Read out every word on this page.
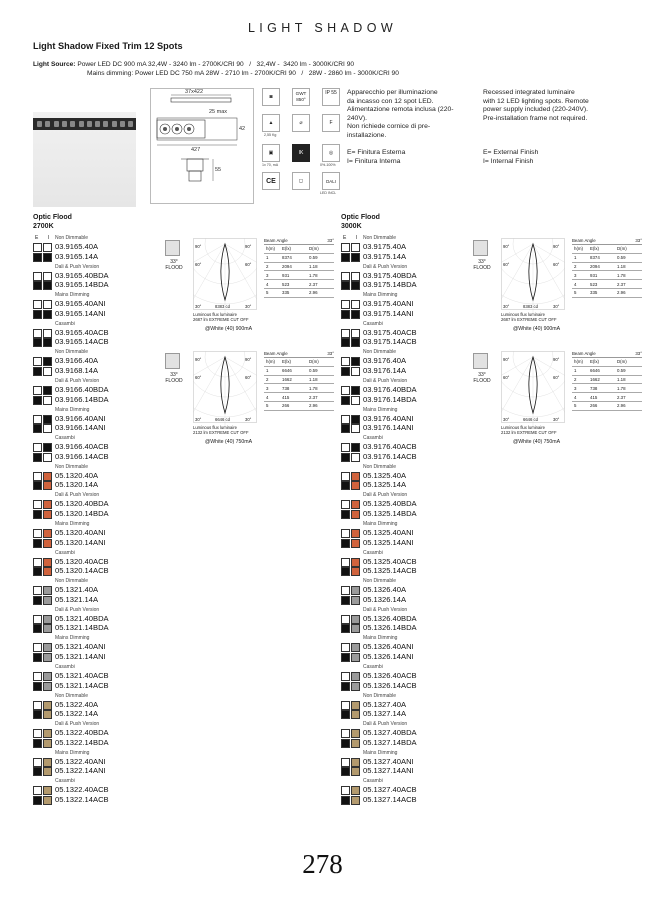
LIGHT SHADOW
Light Shadow Fixed Trim 12 Spots
Light Source: Power LED DC 900 mA 32,4W - 3240 lm - 2700K/CRI 90   /   32,4W -  3420 lm - 3000K/CRI 90
Mains dimming: Power LED DC 750 mA 28W - 2710 lm - 2700K/CRI 90   /   28W - 2860 lm - 3000K/CRI 90
37x422
25 max
42
427
55
◙
GWT 850°
IP 55
▲
2,55 Kg
⌀	F
▣
1x 70, mA
IK	◎
0%-100%
CE	◻	DALI
LED INCL
Apparecchio per illuminazione
da incasso con 12 spot LED.
Alimentazione remota inclusa (220-
240V).
Non richiede cornice di pre-
installazione.
E= Finitura Esterna
I= Finitura Interna
Recessed integrated luminaire
with 12 LED lighting spots. Remote
power supply included (220-240V).
Pre-installation frame not required.
E= External Finish
I= Internal Finish
Optic Flood
2700K
E I Non Dimmable
03.9165.40A
03.9165.14A
Dali & Push Version
03.9165.40BDA
03.9165.14BDA
Mains Dimming
03.9165.40ANI
03.9165.14ANI
Casambi
03.9165.40ACB
03.9165.14ACB
Non Dimmable
03.9166.40A
03.9168.14A
Dali & Push Version
03.9166.40BDA
03.9166.14BDA
Mains Dimming
03.9166.40ANI
03.9166.14ANI
Casambi
03.9166.40ACB
03.9166.14ACB
Non Dimmable
05.1320.40A
05.1320.14A
Dali & Push Version
05.1320.40BDA
05.1320.14BDA
Mains Dimming
05.1320.40ANI
05.1320.14ANI
Casambi
05.1320.40ACB
05.1320.14ACB
Non Dimmable
05.1321.40A
05.1321.14A
Dali & Push Version
05.1321.40BDA
05.1321.14BDA
Mains Dimming
05.1321.40ANI
05.1321.14ANI
Casambi
05.1321.40ACB
05.1321.14ACB
Non Dimmable
05.1322.40A
05.1322.14A
Dali & Push Version
05.1322.40BDA
05.1322.14BDA
Mains Dimming
05.1322.40ANI
05.1322.14ANI
Casambi
05.1322.40ACB
05.1322.14ACB
33°
FLOOD
90°	90°
60°	60°
30°	30°
8383 cd
Luminous flux luminaire
2687 lm EXTREME CUT OFF
@White (40) 900mA
Beam Angle	33°
h(m)	E(lx)	D(m)
1	8374	0.59
2	2094	1.18
3	931	1.78
4	523	2.37
5	335	2.96
33°
FLOOD
90°	90°
60°	60°
30°	30°
6646 cd
Luminous flux luminaire
2132 lm EXTREME CUT OFF
@White (40) 750mA
Beam Angle	33°
h(m)	E(lx)	D(m)
1	6646	0.59
2	1662	1.18
3	738	1.78
4	415	2.37
5	266	2.96
Optic Flood
3000K
E I Non Dimmable
03.9175.40A
03.9175.14A
Dali & Push Version
03.9175.40BDA
03.9175.14BDA
Mains Dimming
03.9175.40ANI
03.9175.14ANI
Casambi
03.9175.40ACB
03.9175.14ACB
Non Dimmable
03.9176.40A
03.9176.14A
Dali & Push Version
03.9176.40BDA
03.9176.14BDA
Mains Dimming
03.9176.40ANI
03.9176.14ANI
Casambi
03.9176.40ACB
03.9176.14ACB
Non Dimmable
05.1325.40A
05.1325.14A
Dali & Push Version
05.1325.40BDA
05.1325.14BDA
Mains Dimming
05.1325.40ANI
05.1325.14ANI
Casambi
05.1325.40ACB
05.1325.14ACB
Non Dimmable
05.1326.40A
05.1326.14A
Dali & Push Version
05.1326.40BDA
05.1326.14BDA
Mains Dimming
05.1326.40ANI
05.1326.14ANI
Casambi
05.1326.40ACB
05.1326.14ACB
Non Dimmable
05.1327.40A
05.1327.14A
Dali & Push Version
05.1327.40BDA
05.1327.14BDA
Mains Dimming
05.1327.40ANI
05.1327.14ANI
Casambi
05.1327.40ACB
05.1327.14ACB
33°
FLOOD
90°	90°
60°	60°
30°	30°
8383 cd
Luminous flux luminaire
2687 lm EXTREME CUT OFF
@White (40) 900mA
Beam Angle	33°
h(m)	E(lx)	D(m)
1	8374	0.59
2	2094	1.18
3	931	1.78
4	523	2.37
5	335	2.96
33°
FLOOD
90°	90°
60°	60°
30°	30°
6646 cd
Luminous flux luminaire
2132 lm EXTREME CUT OFF
@White (40) 750mA
Beam Angle	33°
h(m)	E(lx)	D(m)
1	6646	0.59
2	1662	1.18
3	738	1.78
4	415	2.37
5	266	2.96
278
